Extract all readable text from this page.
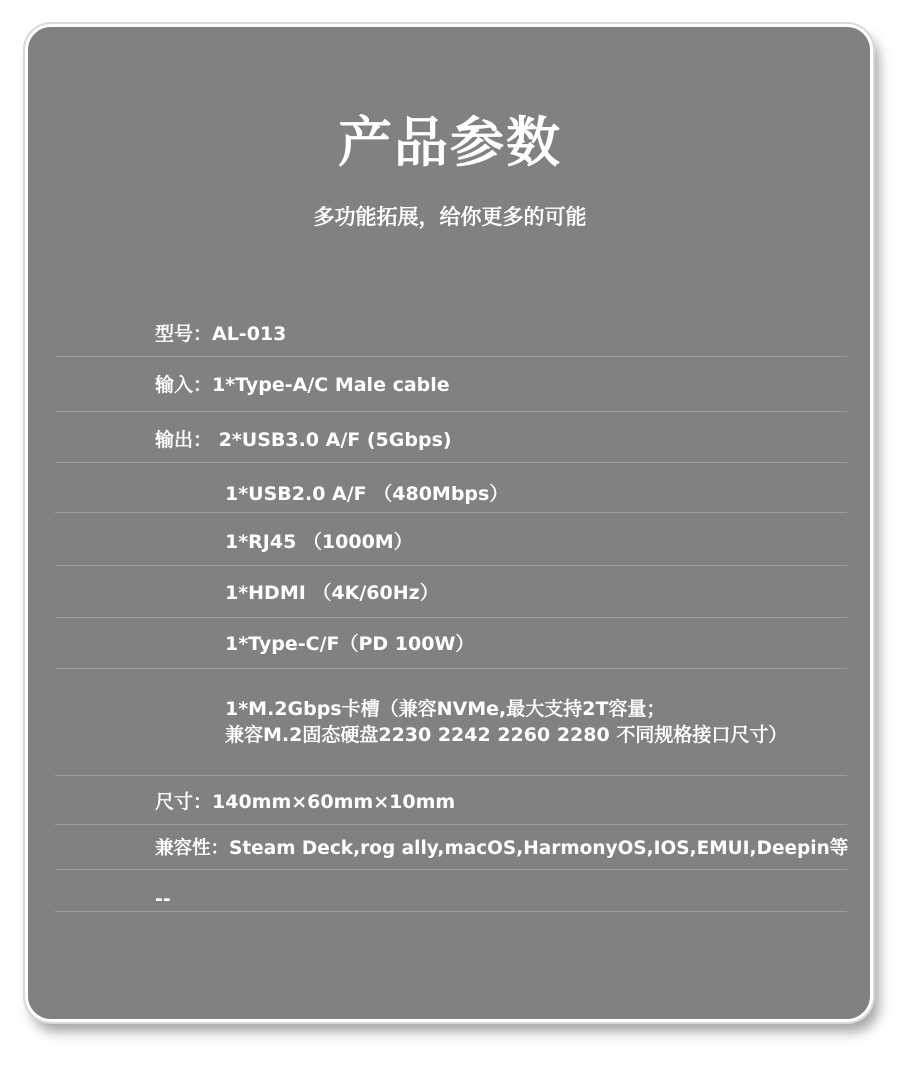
产品参数
多功能拓展，给你更多的可能
型号：AL-013
输入：1*Type-A/C Male cable
输出： 2*USB3.0 A/F (5Gbps)
1*USB2.0 A/F （480Mbps）
1*RJ45 （1000M）
1*HDMI （4K/60Hz）
1*Type-C/F（PD 100W）
1*M.2Gbps卡槽（兼容NVMe,最大支持2T容量；
兼容M.2固态硬盘2230 2242 2260 2280 不同规格接口尺寸）
尺寸：140mm×60mm×10mm
兼容性：Steam Deck,rog ally,macOS,HarmonyOS,IOS,EMUI,Deepin等
--
